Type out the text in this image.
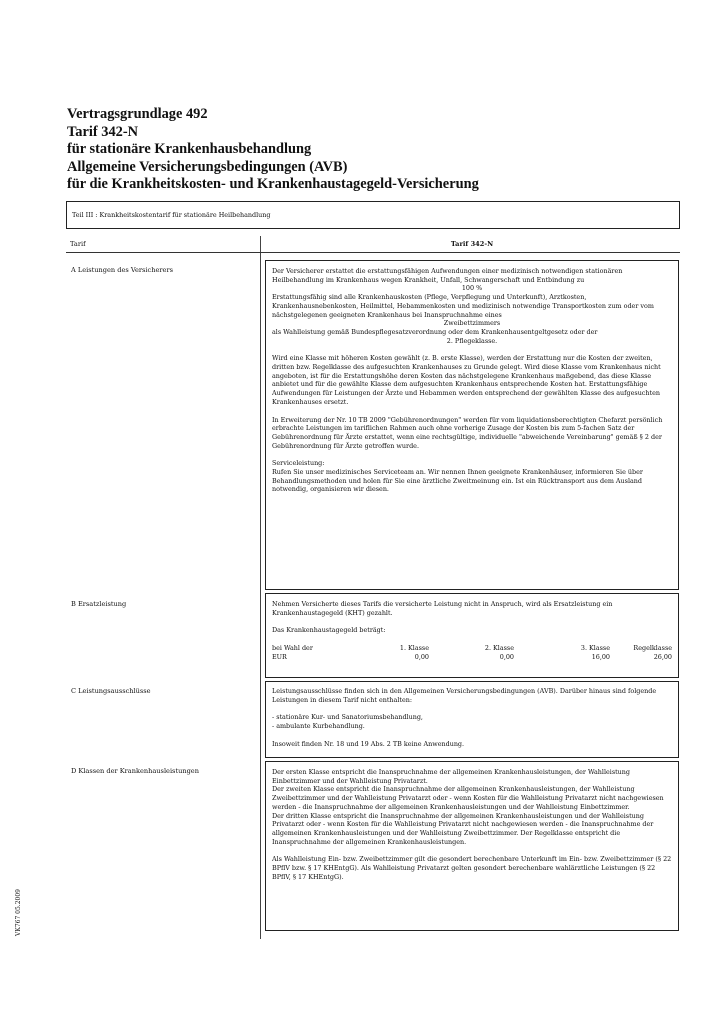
Vertragsgrundlage 492
Tarif 342-N
für stationäre Krankenhausbehandlung
Allgemeine Versicherungsbedingungen (AVB)
für die Krankheitskosten- und Krankenhaustagegeld-Versicherung
Teil III : Krankheitskostentarif für stationäre Heilbehandlung
Tarif	Tarif 342-N
A Leistungen des Versicherers	Der Versicherer erstattet die erstattungsfähigen Aufwendungen einer medizinisch notwendigen stationären Heilbehandlung im Krankenhaus wegen Krankheit, Unfall, Schwangerschaft und Entbindung zu

100 %

Erstattungsfähig sind alle Krankenhauskosten (Pflege, Verpflegung und Unterkunft), Arztkosten, Krankenhausnebenkosten, Heilmittel, Hebammenkosten und medizinisch notwendige Transportkosten zum oder vom nächstgelegenen geeigneten Krankenhaus bei Inanspruchnahme eines

Zweibettzimmers

als Wahlleistung gemäß Bundespflegesatzverordnung oder dem Krankenhausentgeltgesetz oder der

2. Pflegeklasse.

Wird eine Klasse mit höheren Kosten gewählt (z. B. erste Klasse), werden der Erstattung nur die Kosten der zweiten, dritten bzw. Regelklasse des aufgesuchten Krankenhauses zu Grunde gelegt. Wird diese Klasse vom Krankenhaus nicht angeboten, ist für die Erstattungshöhe deren Kosten das nächstgelegene Krankenhaus maßgebend, das diese Klasse anbietet und für die gewählte Klasse dem aufgesuchten Krankenhaus entsprechende Kosten hat. Erstattungsfähige Aufwendungen für Leistungen der Ärzte und Hebammen werden entsprechend der gewählten Klasse des aufgesuchten Krankenhauses ersetzt.

In Erweiterung der Nr. 10 TB 2009 "Gebührenordnungen" werden für vom liquidationsberechtigten Chefarzt persönlich erbrachte Leistungen im tariflichen Rahmen auch ohne vorherige Zusage der Kosten bis zum 5-fachen Satz der Gebührenordnung für Ärzte erstattet, wenn eine rechtsgültige, individuelle "abweichende Vereinbarung" gemäß § 2 der Gebührenordnung für Ärzte getroffen wurde.

Serviceleistung:

Rufen Sie unser medizinisches Serviceteam an. Wir nennen Ihnen geeignete Krankenhäuser, informieren Sie über Behandlungsmethoden und holen für Sie eine ärztliche Zweitmeinung ein. Ist ein Rücktransport aus dem Ausland notwendig, organisieren wir diesen.

B Ersatzleistung	Nehmen Versicherte dieses Tarifs die versicherte Leistung nicht in Anspruch, wird als Ersatzleistung ein Krankenhaustagegeld (KHT) gezahlt.

Das Krankenhaustagegeld beträgt:

bei Wahl der	1. Klasse	2. Klasse	3. Klasse	Regelklasse
EUR	0,00	0,00	16,00	26,00
C Leistungsausschlüsse	Leistungsausschlüsse finden sich in den Allgemeinen Versicherungsbedingungen (AVB). Darüber hinaus sind folgende Leistungen in diesem Tarif nicht enthalten:

- stationäre Kur- und Sanatoriumsbehandlung,

- ambulante Kurbehandlung.

Insoweit finden Nr. 18 und 19 Abs. 2 TB keine Anwendung.

D Klassen der Krankenhausleistungen	Der ersten Klasse entspricht die Inanspruchnahme der allgemeinen Krankenhausleistungen, der Wahlleistung Einbettzimmer und der Wahlleistung Privatarzt.

Der zweiten Klasse entspricht die Inanspruchnahme der allgemeinen Krankenhausleistungen, der Wahlleistung Zweibettzimmer und der Wahlleistung Privatarzt oder - wenn Kosten für die Wahlleistung Privatarzt nicht nachgewiesen werden - die Inanspruchnahme der allgemeinen Krankenhausleistungen und der Wahlleistung Einbettzimmer.

Der dritten Klasse entspricht die Inanspruchnahme der allgemeinen Krankenhausleistungen und der Wahlleistung Privatarzt oder - wenn Kosten für die Wahlleistung Privatarzt nicht nachgewiesen werden - die Inanspruchnahme der allgemeinen Krankenhausleistungen und der Wahlleistung Zweibettzimmer. Der Regelklasse entspricht die Inanspruchnahme der allgemeinen Krankenhausleistungen.

Als Wahlleistung Ein- bzw. Zweibettzimmer gilt die gesondert berechenbare Unterkunft im Ein- bzw. Zweibettzimmer (§ 22 BPflV bzw. § 17 KHEntgG). Als Wahlleistung Privatarzt gelten gesondert berechenbare wahlärztliche Leistungen (§ 22 BPflV, § 17 KHEntgG).

VK767 05.2009
